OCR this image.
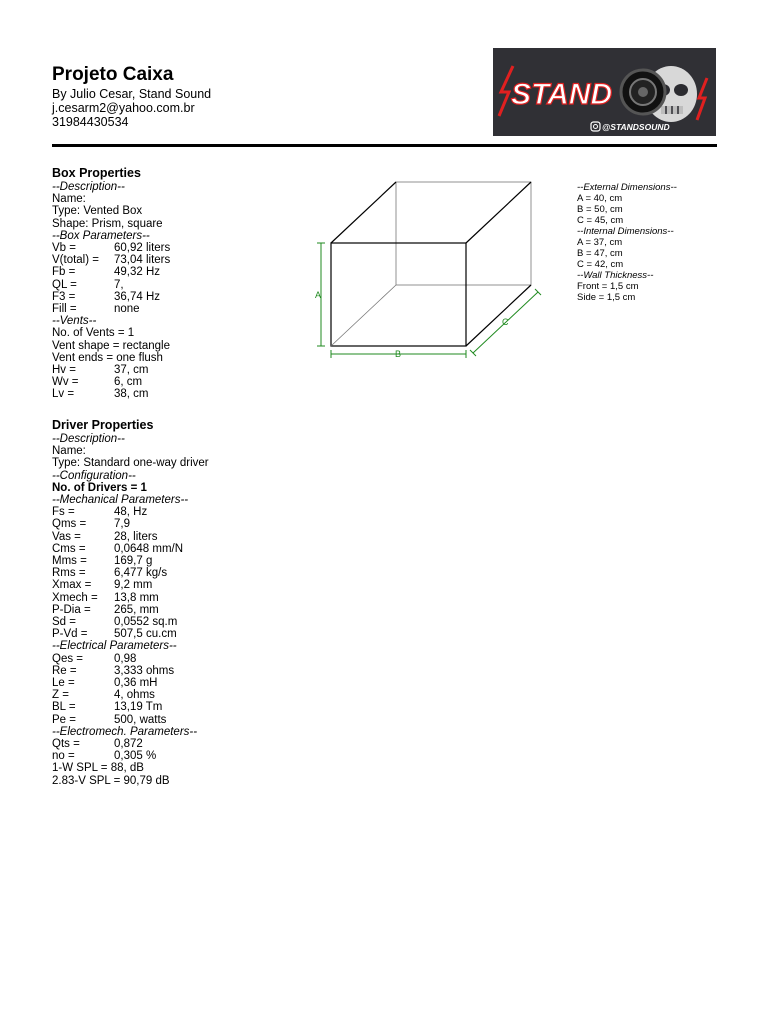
Projeto Caixa
By Julio Cesar, Stand Sound
j.cesarm2@yahoo.com.br
31984430534
STAND
@STANDSOUND
Box Properties
--Description--
Name:
Type: Vented Box
Shape: Prism, square
--Box Parameters--
Vb =	60,92 liters
V(total) =	73,04 liters
Fb =	49,32 Hz
QL =	7,
F3 =	36,74 Hz
Fill =	none
--Vents--
No. of Vents = 1
Vent shape = rectangle
Vent ends = one flush
Hv =	37, cm
Wv =	6, cm
Lv =	38, cm
A
B
C
--External Dimensions--
A = 40, cm
B = 50, cm
C = 45, cm
--Internal Dimensions--
A = 37, cm
B = 47, cm
C = 42, cm
--Wall Thickness--
Front = 1,5 cm
Side = 1,5 cm
Driver Properties
--Description--
Name:
Type: Standard one-way driver
--Configuration--
No. of Drivers = 1
--Mechanical Parameters--
Fs =	48, Hz
Qms =	7,9
Vas =	28, liters
Cms =	0,0648 mm/N
Mms =	169,7 g
Rms =	6,477 kg/s
Xmax =	9,2 mm
Xmech =	13,8 mm
P-Dia =	265, mm
Sd =	0,0552 sq.m
P-Vd =	507,5 cu.cm
--Electrical Parameters--
Qes =	0,98
Re =	3,333 ohms
Le =	0,36 mH
Z =	4, ohms
BL =	13,19 Tm
Pe =	500, watts
--Electromech. Parameters--
Qts =	0,872
no =	0,305 %
1-W SPL = 88, dB
2.83-V SPL = 90,79 dB
